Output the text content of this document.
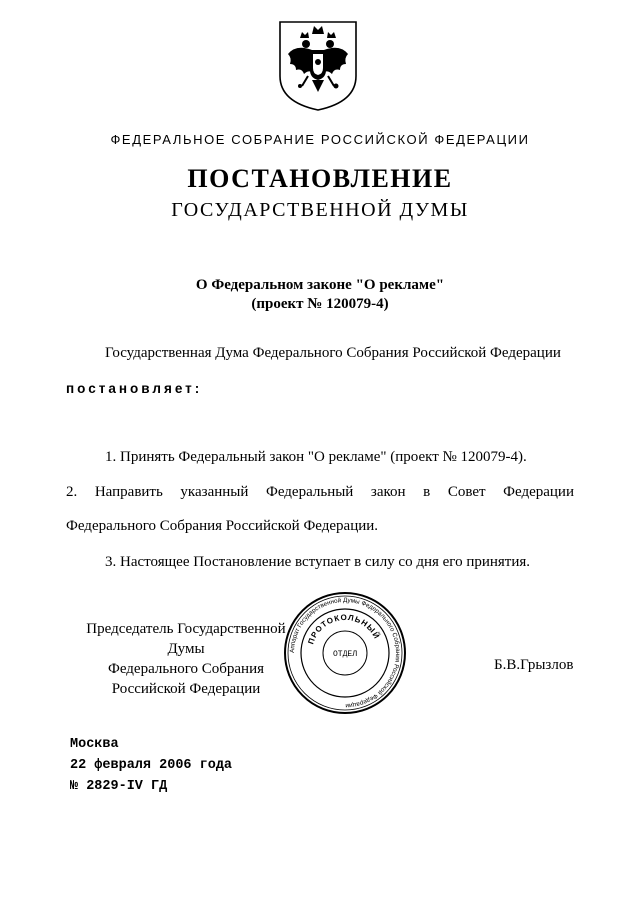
ФЕДЕРАЛЬНОЕ СОБРАНИЕ РОССИЙСКОЙ ФЕДЕРАЦИИ
ПОСТАНОВЛЕНИЕ
ГОСУДАРСТВЕННОЙ ДУМЫ
О Федеральном законе "О рекламе"
(проект № 120079-4)
Государственная Дума Федерального Собрания Российской Федерации
постановляет:
1. Принять Федеральный закон "О рекламе" (проект № 120079-4).
2. Направить указанный Федеральный закон в Совет Федерации
Федерального Собрания Российской Федерации.
3. Настоящее Постановление вступает в силу со дня его принятия.
Председатель Государственной Думы
Федерального Собрания
Российской Федерации
Б.В.Грызлов
Аппарат Государственной Думы Федерального Собрания Российской Федерации
ПРОТОКОЛЬНЫЙ
ОТДЕЛ
Москва
22 февраля 2006 года
№ 2829-IV ГД
